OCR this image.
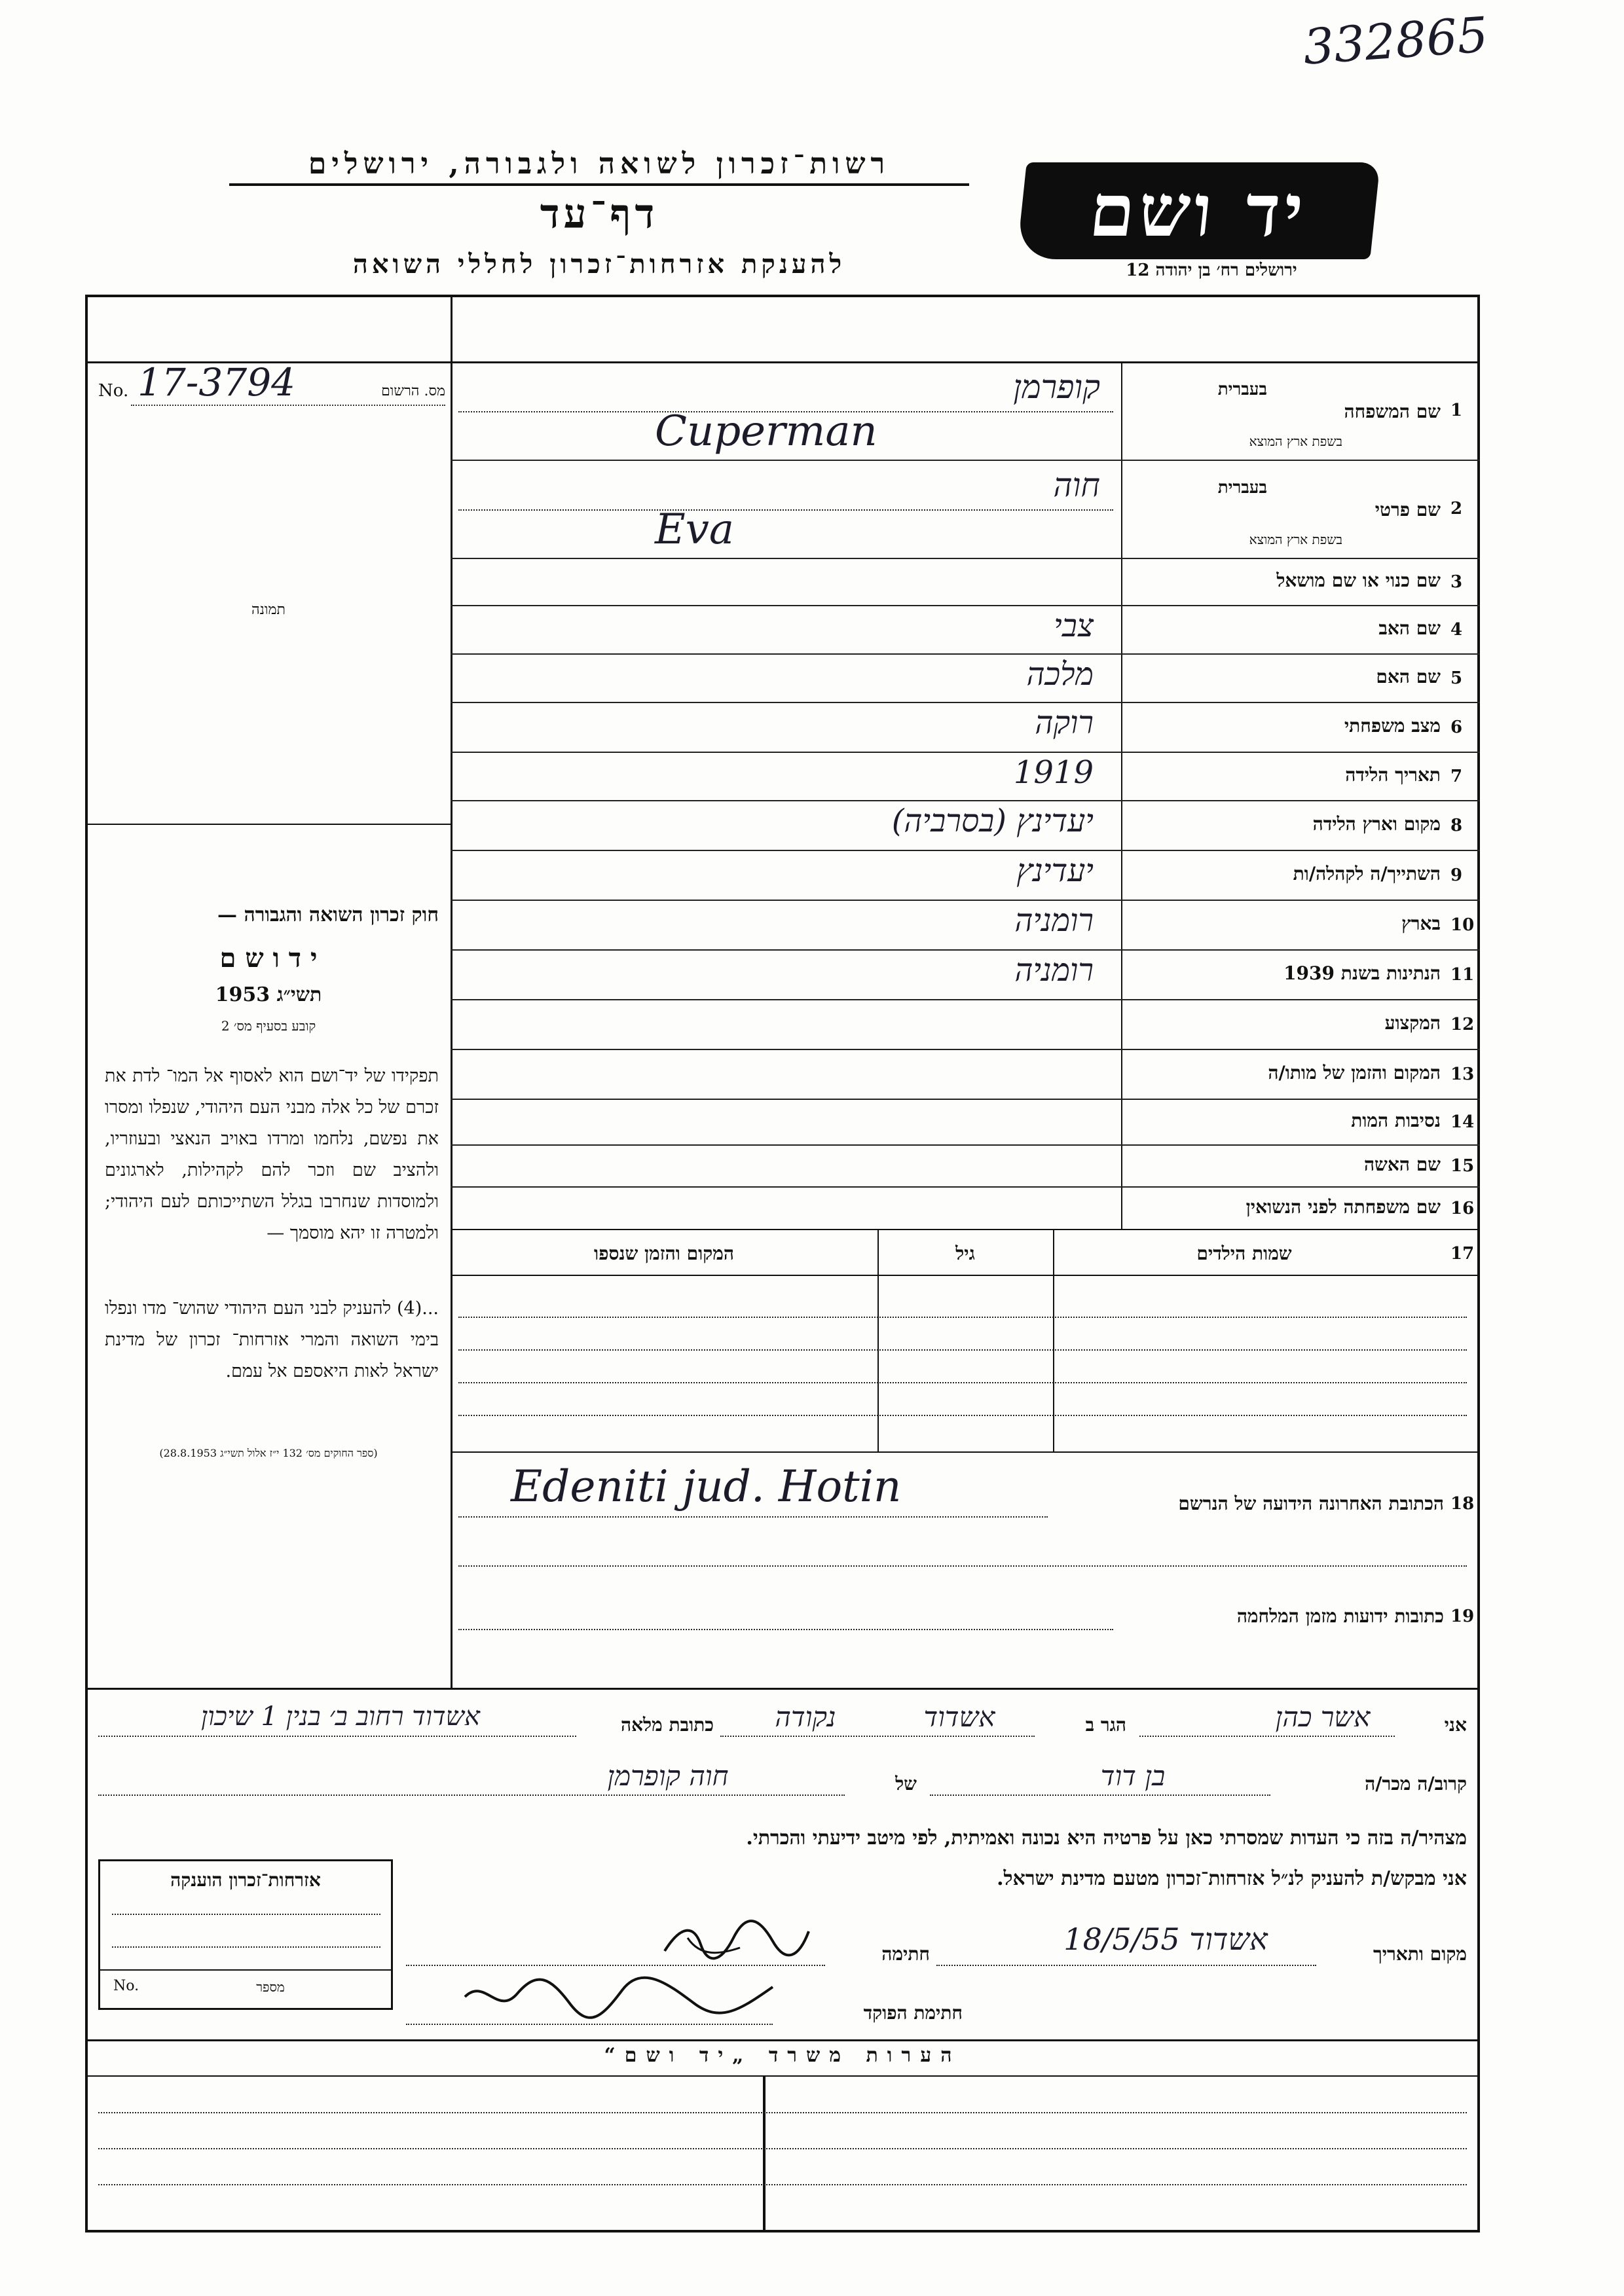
332865
רשות־זכרון לשואה ולגבורה, ירושלים
דף־עד
להענקת אזרחות־זכרון לחללי השואה
יד ושם
ירושלים רח׳ בן יהודה 12
No. 17-3794	מס. הרשום
תמונה
חוק זכרון השואה והגבורה —
י ד ו ש ם
תשי״ג 1953
קובע בסעיף מס׳ 2
תפקידו של יד־ושם הוא לאסוף אל המו־ לדת את זכרם של כל אלה מבני העם היהודי, שנפלו ומסרו את נפשם, נלחמו ומרדו באויב הנאצי ובעוזריו, ולהציב שם וזכר להם לקהילות, לארגונים ולמוסדות שנחרבו בגלל השתייכותם לעם היהודי; ולמטרה זו יהא מוסמך —
...(4) להעניק לבני העם היהודי שהוש־ מדו ונפלו בימי השואה והמרי אזרחות־ זכרון של מדינת ישראל לאות היאספם אל עמם.
(ספר החוקים מס׳ 132 י״ז אלול תשי״ג 28.8.1953)
1
שם המשפחה
בעברית
בשפת ארץ המוצא
קופרמן
Cuperman
2
שם פרטי
בעברית
בשפת ארץ המוצא
חוה
Eva
3
שם כנוי או שם מושאל
4
שם האב
צבי
5
שם האם
מלכה
6
מצב משפחתי
רוקה
7
תאריך הלידה
1919
8
מקום וארץ הלידה
יעדינץ (בסרביה)
9
השתייך/ה לקהלה/ות
יעדינץ
10
בארץ
רומניה
11
הנתינות בשנת 1939
רומניה
12
המקצוע
13
המקום והזמן של מותו/ה
14
נסיבות המות
15
שם האשה
16
שם משפחתה לפני הנשואין
17
שמות הילדים
גיל
המקום והזמן שנספו
18
הכתובת האחרונה הידועה של הנרשם
Edeniti jud. Hotin
19
כתובות ידועות מזמן המלחמה
אני
אשר כהן
הגר ב
אשדוד
נקודה
כתובת מלאה
אשדוד רחוב ב׳ בנין 1 שיכון
קרוב/ה מכר/ה
בן דוד
של
חוה קופרמן
מצהיר/ה בזה כי העדות שמסרתי כאן על פרטיה היא נכונה ואמיתית, לפי מיטב ידיעתי והכרתי.
אני מבקש/ת להעניק לנ״ל אזרחות־זכרון מטעם מדינת ישראל.
מקום ותאריך
אשדוד 18/5/55
חתימה
חתימת הפוקד
אזרחות־זכרון הוענקה
No.	מספר
הערות משרד „יד ושם“
